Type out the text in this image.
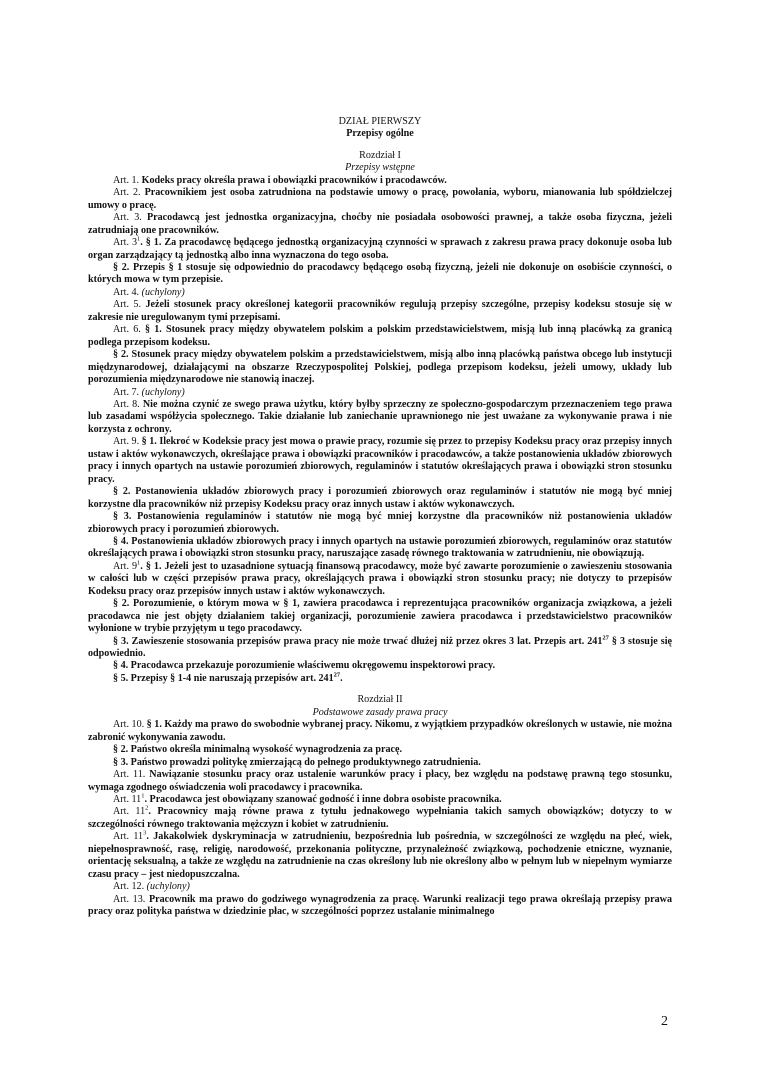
DZIAŁ PIERWSZY
Przepisy ogólne
Rozdział I
Przepisy wstępne

Art. 1. Kodeks pracy określa prawa i obowiązki pracowników i pracodawców.

Art. 2. Pracownikiem jest osoba zatrudniona na podstawie umowy o pracę, powołania, wyboru, mianowania lub spółdzielczej umowy o pracę.

Art. 3. Pracodawcą jest jednostka organizacyjna, choćby nie posiadała osobowości prawnej, a także osoba fizyczna, jeżeli zatrudniają one pracowników.

Art. $3^1$. § 1. Za pracodawcę będącego jednostką organizacyjną czynności w sprawach z zakresu prawa pracy dokonuje osoba lub organ zarządzający tą jednostką albo inna wyznaczona do tego osoba.

§ 2. Przepis § 1 stosuje się odpowiednio do pracodawcy będącego osobą fizyczną, jeżeli nie dokonuje on osobiście czynności, o których mowa w tym przepisie.

Art. 4. (uchylony)

Art. 5. Jeżeli stosunek pracy określonej kategorii pracowników regulują przepisy szczególne, przepisy kodeksu stosuje się w zakresie nie uregulowanym tymi przepisami.

Art. 6. § 1. Stosunek pracy między obywatelem polskim a polskim przedstawicielstwem, misją lub inną placówką za granicą podlega przepisom kodeksu.

§ 2. Stosunek pracy między obywatelem polskim a przedstawicielstwem, misją albo inną placówką państwa obcego lub instytucji międzynarodowej, działającymi na obszarze Rzeczypospolitej Polskiej, podlega przepisom kodeksu, jeżeli umowy, układy lub porozumienia międzynarodowe nie stanowią inaczej.

Art. 7. (uchylony)

Art. 8. Nie można czynić ze swego prawa użytku, który byłby sprzeczny ze społeczno-gospodarczym przeznaczeniem tego prawa lub zasadami współżycia społecznego. Takie działanie lub zaniechanie uprawnionego nie jest uważane za wykonywanie prawa i nie korzysta z ochrony.

Art. 9. § 1. Ilekroć w Kodeksie pracy jest mowa o prawie pracy, rozumie się przez to przepisy Kodeksu pracy oraz przepisy innych ustaw i aktów wykonawczych, określające prawa i obowiązki pracowników i pracodawców, a także postanowienia układów zbiorowych pracy i innych opartych na ustawie porozumień zbiorowych, regulaminów i statutów określających prawa i obowiązki stron stosunku pracy.

§ 2. Postanowienia układów zbiorowych pracy i porozumień zbiorowych oraz regulaminów i statutów nie mogą być mniej korzystne dla pracowników niż przepisy Kodeksu pracy oraz innych ustaw i aktów wykonawczych.

§ 3. Postanowienia regulaminów i statutów nie mogą być mniej korzystne dla pracowników niż postanowienia układów zbiorowych pracy i porozumień zbiorowych.

§ 4. Postanowienia układów zbiorowych pracy i innych opartych na ustawie porozumień zbiorowych, regulaminów oraz statutów określających prawa i obowiązki stron stosunku pracy, naruszające zasadę równego traktowania w zatrudnieniu, nie obowiązują.

Art. $9^1$. § 1. Jeżeli jest to uzasadnione sytuacją finansową pracodawcy, może być zawarte porozumienie o zawieszeniu stosowania w całości lub w części przepisów prawa pracy, określających prawa i obowiązki stron stosunku pracy; nie dotyczy to przepisów Kodeksu pracy oraz przepisów innych ustaw i aktów wykonawczych.

§ 2. Porozumienie, o którym mowa w § 1, zawiera pracodawca i reprezentująca pracowników organizacja związkowa, a jeżeli pracodawca nie jest objęty działaniem takiej organizacji, porozumienie zawiera pracodawca i przedstawicielstwo pracowników wyłonione w trybie przyjętym u tego pracodawcy.

§ 3. Zawieszenie stosowania przepisów prawa pracy nie może trwać dłużej niż przez okres 3 lat. Przepis art. $241^{27}$ § 3 stosuje się odpowiednio.

§ 4. Pracodawca przekazuje porozumienie właściwemu okręgowemu inspektorowi pracy.

§ 5. Przepisy § 1-4 nie naruszają przepisów art. $241^{27}$.

Rozdział II
Podstawowe zasady prawa pracy

Art. 10. § 1. Każdy ma prawo do swobodnie wybranej pracy. Nikomu, z wyjątkiem przypadków określonych w ustawie, nie można zabronić wykonywania zawodu.

§ 2. Państwo określa minimalną wysokość wynagrodzenia za pracę.

§ 3. Państwo prowadzi politykę zmierzającą do pełnego produktywnego zatrudnienia.

Art. 11. Nawiązanie stosunku pracy oraz ustalenie warunków pracy i płacy, bez względu na podstawę prawną tego stosunku, wymaga zgodnego oświadczenia woli pracodawcy i pracownika.

Art. $11^1$. Pracodawca jest obowiązany szanować godność i inne dobra osobiste pracownika.

Art. $11^2$. Pracownicy mają równe prawa z tytułu jednakowego wypełniania takich samych obowiązków; dotyczy to w szczególności równego traktowania mężczyzn i kobiet w zatrudnieniu.

Art. $11^3$. Jakakolwiek dyskryminacja w zatrudnieniu, bezpośrednia lub pośrednia, w szczególności ze względu na płeć, wiek, niepełnosprawność, rasę, religię, narodowość, przekonania polityczne, przynależność związkową, pochodzenie etniczne, wyznanie, orientację seksualną, a także ze względu na zatrudnienie na czas określony lub nie określony albo w pełnym lub w niepełnym wymiarze czasu pracy – jest niedopuszczalna.

Art. 12. (uchylony)

Art. 13. Pracownik ma prawo do godziwego wynagrodzenia za pracę. Warunki realizacji tego prawa określają przepisy prawa pracy oraz polityka państwa w dziedzinie płac, w szczególności poprzez ustalanie minimalnego

2
